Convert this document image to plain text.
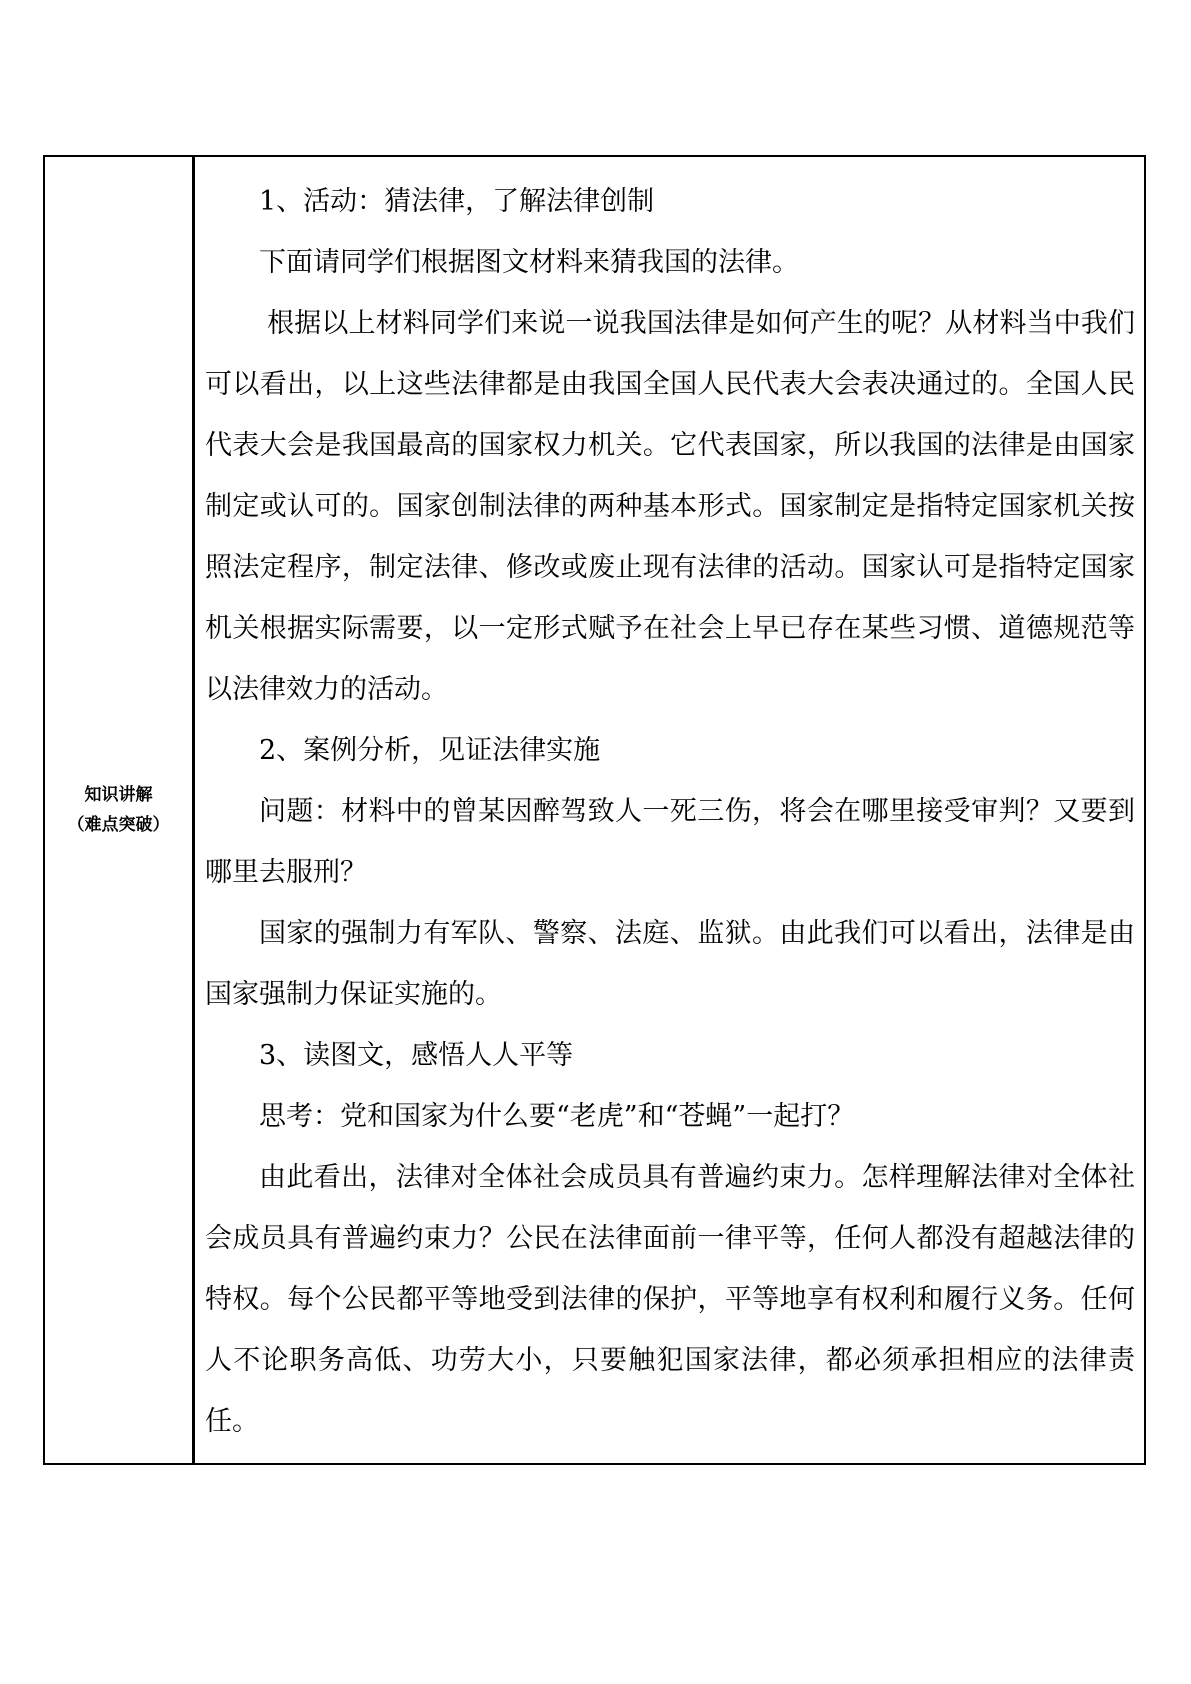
知识讲解
（难点突破）

1、活动：猜法律，了解法律创制

下面请同学们根据图文材料来猜我国的法律。

根据以上材料同学们来说一说我国法律是如何产生的呢？从材料当中我们可以看出，以上这些法律都是由我国全国人民代表大会表决通过的。全国人民代表大会是我国最高的国家权力机关。它代表国家，所以我国的法律是由国家制定或认可的。国家创制法律的两种基本形式。国家制定是指特定国家机关按照法定程序，制定法律、修改或废止现有法律的活动。国家认可是指特定国家机关根据实际需要，以一定形式赋予在社会上早已存在某些习惯、道德规范等以法律效力的活动。

2、案例分析，见证法律实施

问题：材料中的曾某因醉驾致人一死三伤，将会在哪里接受审判？又要到哪里去服刑？

国家的强制力有军队、警察、法庭、监狱。由此我们可以看出，法律是由国家强制力保证实施的。

3、读图文，感悟人人平等

思考：党和国家为什么要“老虎”和“苍蝇”一起打？

由此看出，法律对全体社会成员具有普遍约束力。怎样理解法律对全体社会成员具有普遍约束力？公民在法律面前一律平等，任何人都没有超越法律的特权。每个公民都平等地受到法律的保护，平等地享有权利和履行义务。任何人不论职务高低、功劳大小，只要触犯国家法律，都必须承担相应的法律责任。
